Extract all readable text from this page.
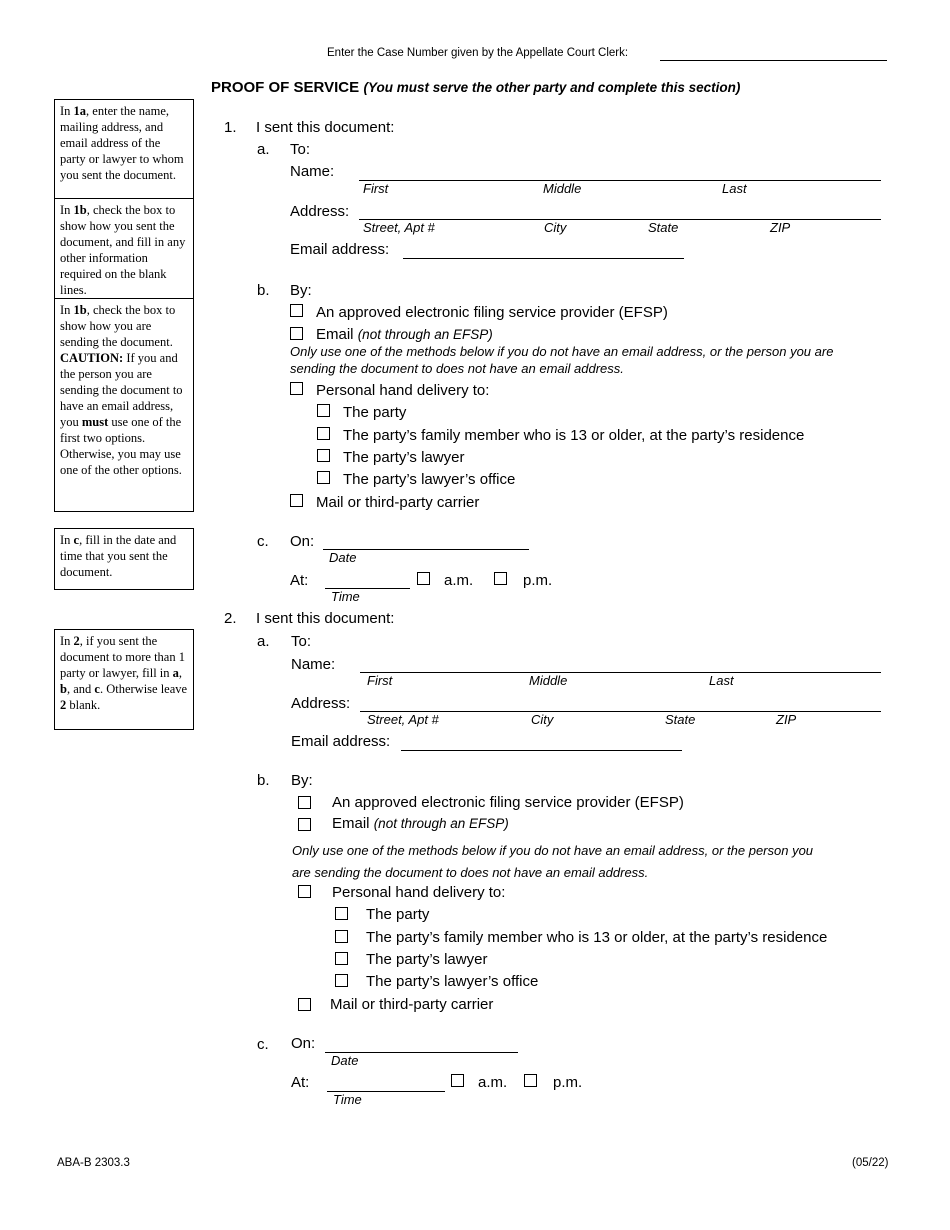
Enter the Case Number given by the Appellate Court Clerk:
PROOF OF SERVICE (You must serve the other party and complete this section)

In 1a, enter the name, mailing address, and email address of the party or lawyer to whom you sent the document.

In 1b, check the box to show how you sent the document, and fill in any other information required on the blank lines.

In 1b, check the box to show how you are sending the document.

CAUTION: If you and the person you are sending the document to have an email address, you must use one of the first two options. Otherwise, you may use one of the other options.

In c, fill in the date and time that you sent the document.

In 2, if you sent the document to more than 1 party or lawyer, fill in a, b, and c. Otherwise leave 2 blank.

1. I sent this document:
a. To:
Name:
First	Middle	Last
Address:
Street, Apt #	City	State	ZIP
Email address:
b. By:
An approved electronic filing service provider (EFSP)
Email (not through an EFSP)
Only use one of the methods below if you do not have an email address, or the person you are
sending the document to does not have an email address.
Personal hand delivery to:
The party
The party’s family member who is 13 or older, at the party’s residence
The party’s lawyer
The party’s lawyer’s office
Mail or third-party carrier
c. On:
Date
At:
Time
a.m.	p.m.
2. I sent this document:
a. To:
Name:
First	Middle	Last
Address:
Street, Apt #	City	State	ZIP
Email address:
b. By:
An approved electronic filing service provider (EFSP)
Email (not through an EFSP)
Only use one of the methods below if you do not have an email address, or the person you
are sending the document to does not have an email address.
Personal hand delivery to:
The party
The party’s family member who is 13 or older, at the party’s residence
The party’s lawyer
The party’s lawyer’s office
Mail or third-party carrier
c. On:
Date
At:
Time
a.m.	p.m.
ABA-B 2303.3	(05/22)
